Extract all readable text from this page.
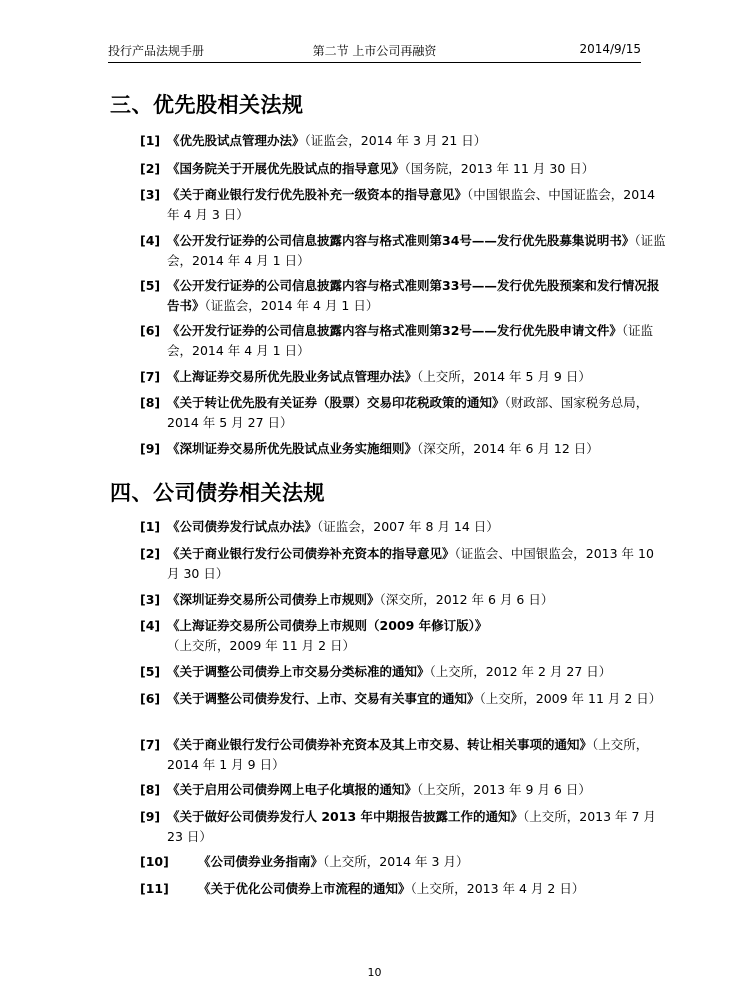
投行产品法规手册	第二节 上市公司再融资	2014/9/15
三、优先股相关法规
[1] 《优先股试点管理办法》（证监会，2014 年 3 月 21 日）
[2] 《国务院关于开展优先股试点的指导意见》（国务院，2013 年 11 月 30 日）
[3] 《关于商业银行发行优先股补充一级资本的指导意见》（中国银监会、中国证监会，2014 年 4 月 3 日）
[4] 《公开发行证券的公司信息披露内容与格式准则第34号——发行优先股募集说明书》（证监会，2014 年 4 月 1 日）
[5] 《公开发行证券的公司信息披露内容与格式准则第33号——发行优先股预案和发行情况报告书》（证监会，2014 年 4 月 1 日）
[6] 《公开发行证券的公司信息披露内容与格式准则第32号——发行优先股申请文件》（证监会，2014 年 4 月 1 日）
[7] 《上海证券交易所优先股业务试点管理办法》（上交所，2014 年 5 月 9 日）
[8] 《关于转让优先股有关证券（股票）交易印花税政策的通知》（财政部、国家税务总局，2014 年 5 月 27 日）
[9] 《深圳证券交易所优先股试点业务实施细则》（深交所，2014 年 6 月 12 日）
四、公司债券相关法规
[1] 《公司债券发行试点办法》（证监会，2007 年 8 月 14 日）
[2] 《关于商业银行发行公司债券补充资本的指导意见》（证监会、中国银监会，2013 年 10 月 30 日）
[3] 《深圳证券交易所公司债券上市规则》（深交所，2012 年 6 月 6 日）
[4] 《上海证券交易所公司债券上市规则（2009 年修订版）》（上交所，2009 年 11 月 2 日）
[5] 《关于调整公司债券上市交易分类标准的通知》（上交所，2012 年 2 月 27 日）
[6] 《关于调整公司债券发行、上市、交易有关事宜的通知》（上交所，2009 年 11 月 2 日）
[7] 《关于商业银行发行公司债券补充资本及其上市交易、转让相关事项的通知》（上交所，2014 年 1 月 9 日）
[8] 《关于启用公司债券网上电子化填报的通知》（上交所，2013 年 9 月 6 日）
[9] 《关于做好公司债券发行人 2013 年中期报告披露工作的通知》（上交所，2013 年 7 月 23 日）
[10] 《公司债券业务指南》（上交所，2014 年 3 月）
[11] 《关于优化公司债券上市流程的通知》（上交所，2013 年 4 月 2 日）
10
